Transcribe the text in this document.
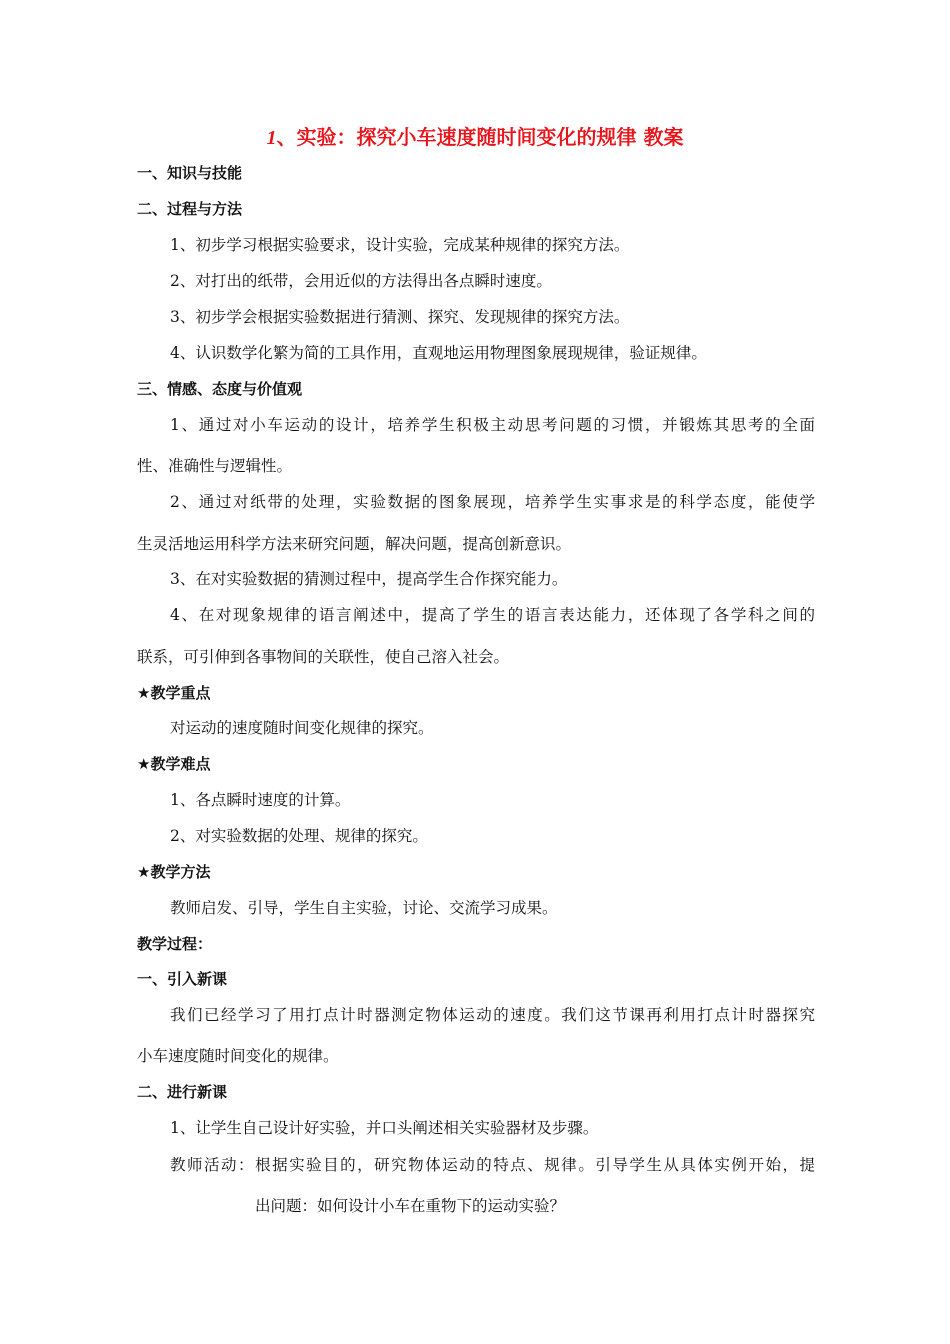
1、实验：探究小车速度随时间变化的规律 教案
一、知识与技能
二、过程与方法
1、初步学习根据实验要求，设计实验，完成某种规律的探究方法。
2、对打出的纸带，会用近似的方法得出各点瞬时速度。
3、初步学会根据实验数据进行猜测、探究、发现规律的探究方法。
4、认识数学化繁为简的工具作用，直观地运用物理图象展现规律，验证规律。
三、情感、态度与价值观
1、通过对小车运动的设计，培养学生积极主动思考问题的习惯，并锻炼其思考的全面
性、准确性与逻辑性。
2、通过对纸带的处理，实验数据的图象展现，培养学生实事求是的科学态度，能使学
生灵活地运用科学方法来研究问题，解决问题，提高创新意识。
3、在对实验数据的猜测过程中，提高学生合作探究能力。
4、在对现象规律的语言阐述中，提高了学生的语言表达能力，还体现了各学科之间的
联系，可引伸到各事物间的关联性，使自己溶入社会。
★教学重点
对运动的速度随时间变化规律的探究。
★教学难点
1、各点瞬时速度的计算。
2、对实验数据的处理、规律的探究。
★教学方法
教师启发、引导，学生自主实验，讨论、交流学习成果。
教学过程：
一、引入新课
我们已经学习了用打点计时器测定物体运动的速度。我们这节课再利用打点计时器探究
小车速度随时间变化的规律。
二、进行新课
1、让学生自己设计好实验，并口头阐述相关实验器材及步骤。
教师活动：根据实验目的，研究物体运动的特点、规律。引导学生从具体实例开始，提
出问题：如何设计小车在重物下的运动实验？
